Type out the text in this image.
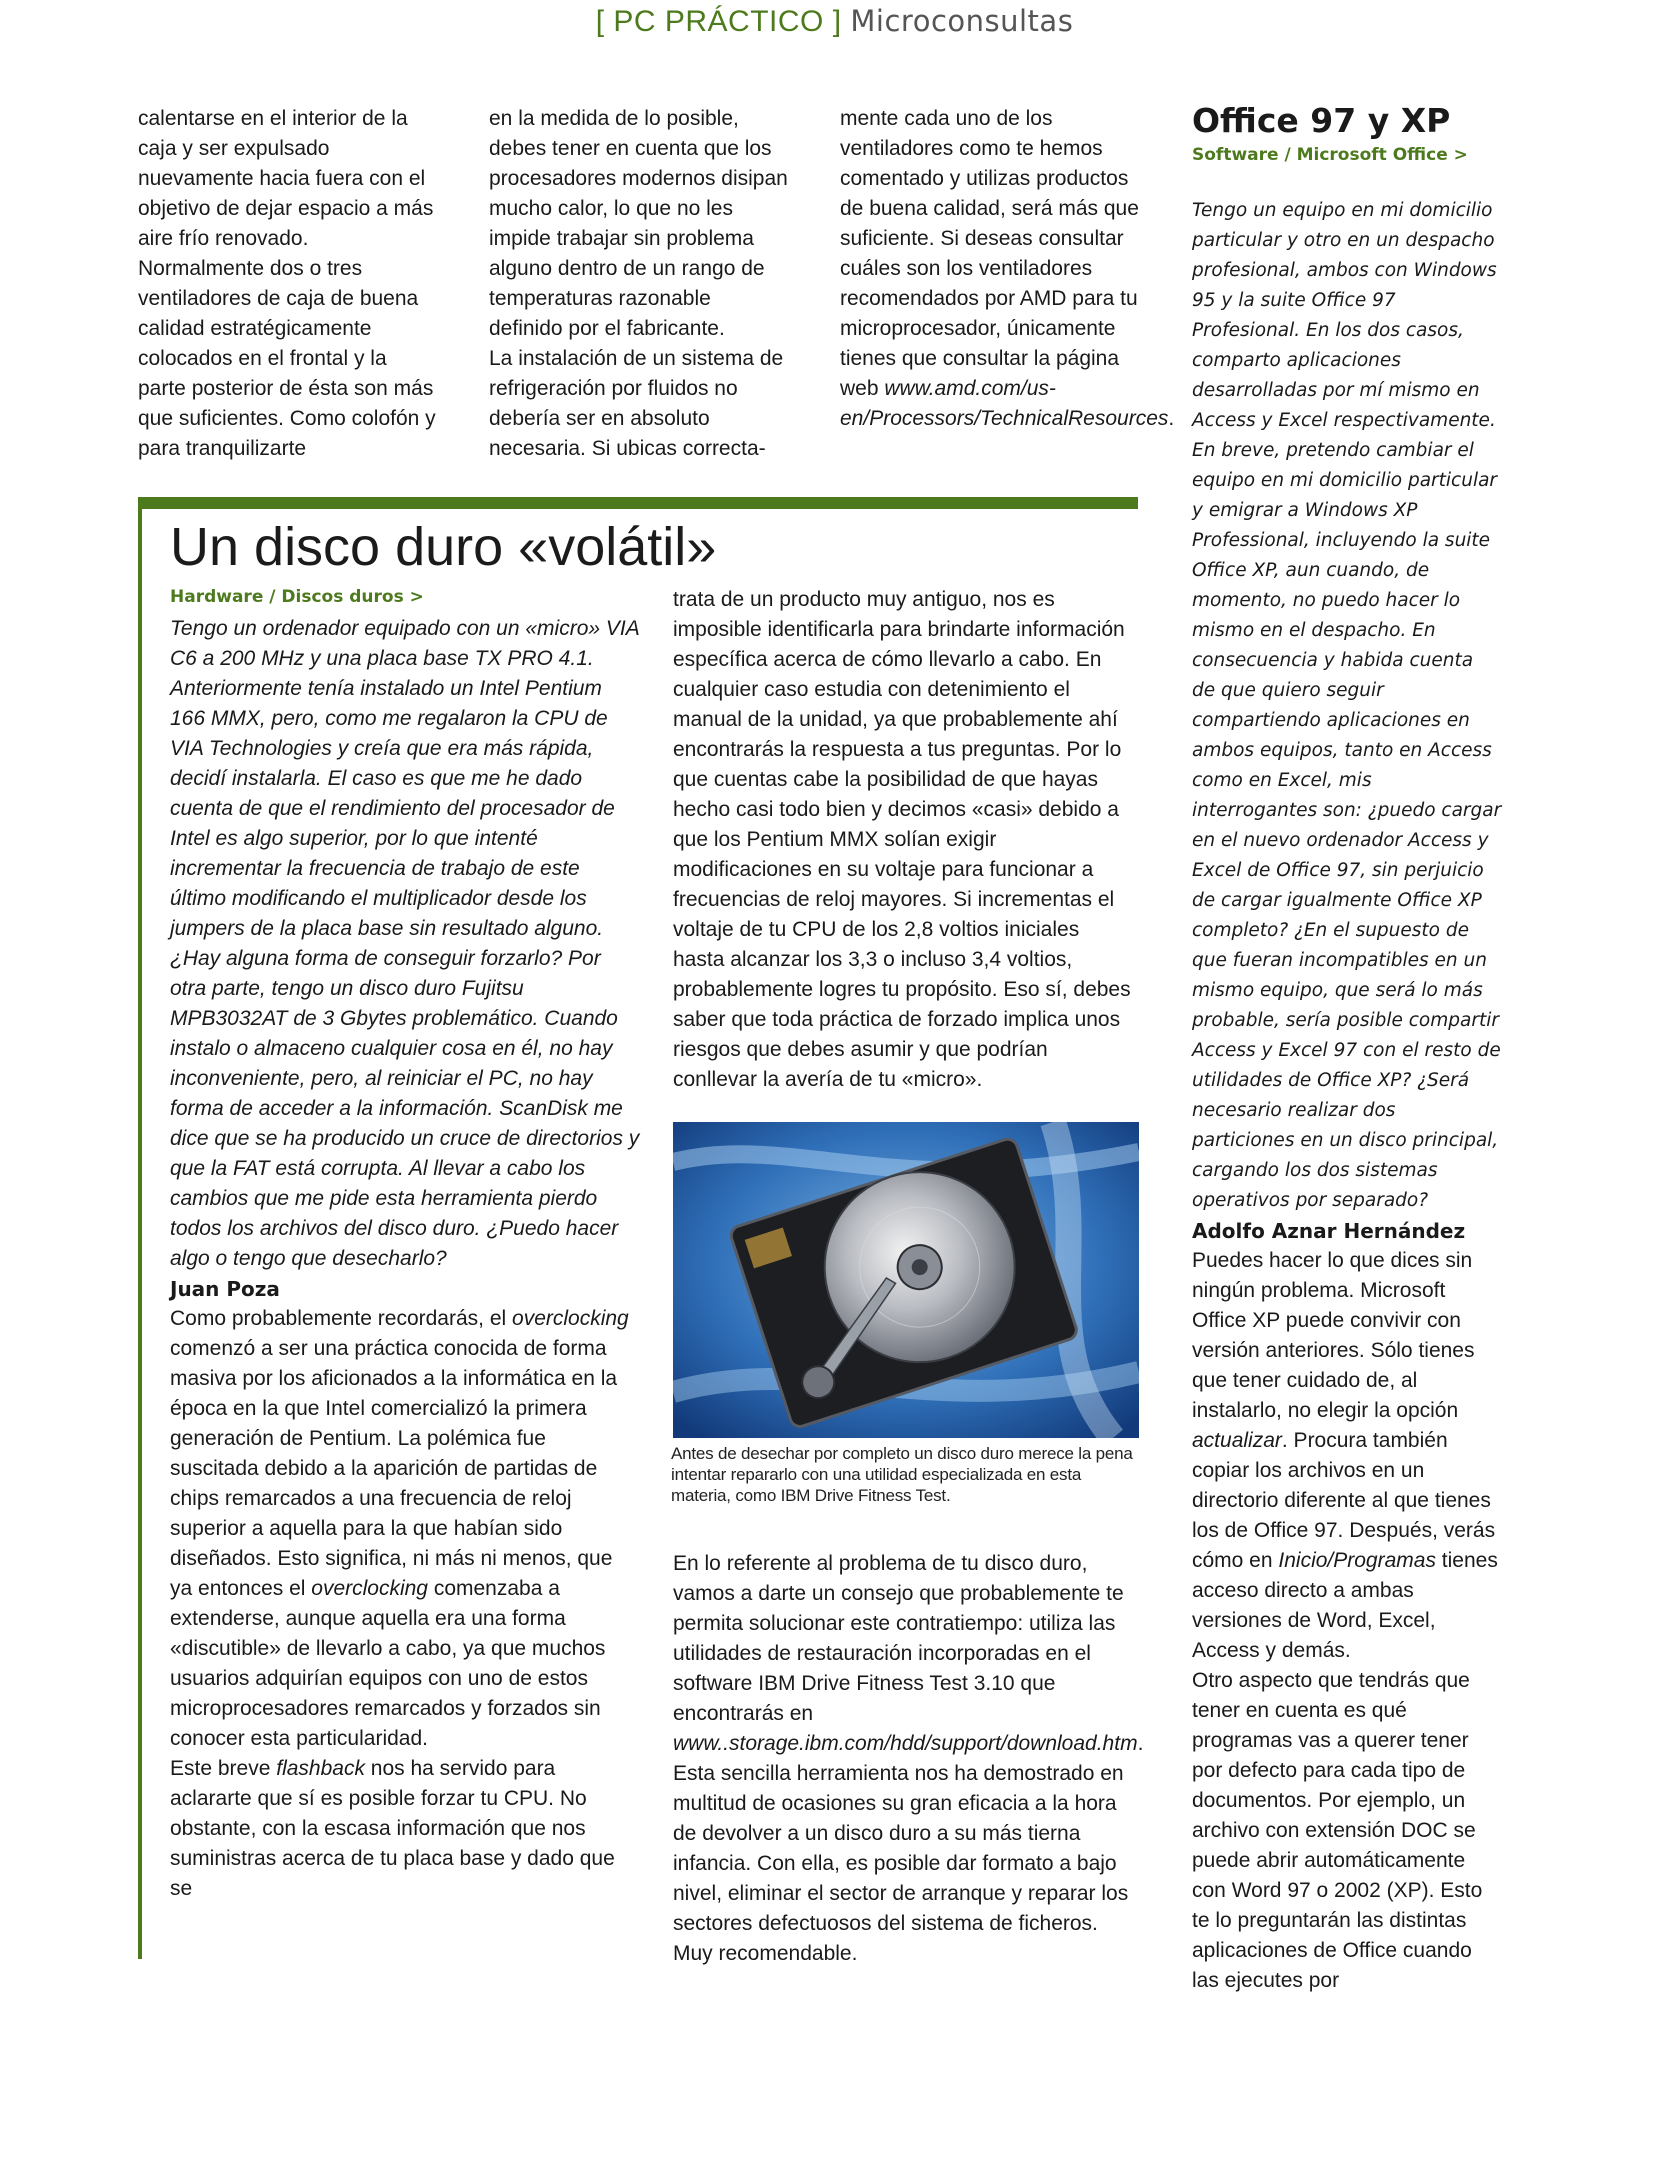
[ PC PRÁCTICO ] Microconsultas

calentarse en el interior de la caja y ser expulsado nuevamente hacia fuera con el objetivo de dejar espacio a más aire frío renovado. Normalmente dos o tres ventiladores de caja de buena calidad estratégicamente colocados en el frontal y la parte posterior de ésta son más que suficientes. Como colofón y para tranquilizarte

en la medida de lo posible, debes tener en cuenta que los procesadores modernos disipan mucho calor, lo que no les impide trabajar sin problema alguno dentro de un rango de temperaturas razonable definido por el fabricante.

La instalación de un sistema de refrigeración por fluidos no debería ser en absoluto necesaria. Si ubicas correcta-

mente cada uno de los ventiladores como te hemos comentado y utilizas productos de buena calidad, será más que suficiente. Si deseas consultar cuáles son los ventiladores recomendados por AMD para tu microprocesador, únicamente tienes que consultar la página web www.amd.com/us-en/Processors/TechnicalResources.

Un disco duro «volátil»
Hardware / Discos duros >

Tengo un ordenador equipado con un «micro» VIA C6 a 200 MHz y una placa base TX PRO 4.1. Anteriormente tenía instalado un Intel Pentium 166 MMX, pero, como me regalaron la CPU de VIA Technologies y creía que era más rápida, decidí instalarla. El caso es que me he dado cuenta de que el rendimiento del procesador de Intel es algo superior, por lo que intenté incrementar la frecuencia de trabajo de este último modificando el multiplicador desde los jumpers de la placa base sin resultado alguno. ¿Hay alguna forma de conseguir forzarlo? Por otra parte, tengo un disco duro Fujitsu MPB3032AT de 3 Gbytes problemático. Cuando instalo o almaceno cualquier cosa en él, no hay inconveniente, pero, al reiniciar el PC, no hay forma de acceder a la información. ScanDisk me dice que se ha producido un cruce de directorios y que la FAT está corrupta. Al llevar a cabo los cambios que me pide esta herramienta pierdo todos los archivos del disco duro. ¿Puedo hacer algo o tengo que desecharlo?

Juan Poza

Como probablemente recordarás, el overclocking comenzó a ser una práctica conocida de forma masiva por los aficionados a la informática en la época en la que Intel comercializó la primera generación de Pentium. La polémica fue suscitada debido a la aparición de partidas de chips remarcados a una frecuencia de reloj superior a aquella para la que habían sido diseñados. Esto significa, ni más ni menos, que ya entonces el overclocking comenzaba a extenderse, aunque aquella era una forma «discutible» de llevarlo a cabo, ya que muchos usuarios adquirían equipos con uno de estos microprocesadores remarcados y forzados sin conocer esta particularidad.

Este breve flashback nos ha servido para aclararte que sí es posible forzar tu CPU. No obstante, con la escasa información que nos suministras acerca de tu placa base y dado que se

trata de un producto muy antiguo, nos es imposible identificarla para brindarte información específica acerca de cómo llevarlo a cabo. En cualquier caso estudia con detenimiento el manual de la unidad, ya que probablemente ahí encontrarás la respuesta a tus preguntas. Por lo que cuentas cabe la posibilidad de que hayas hecho casi todo bien y decimos «casi» debido a que los Pentium MMX solían exigir modificaciones en su voltaje para funcionar a frecuencias de reloj mayores. Si incrementas el voltaje de tu CPU de los 2,8 voltios iniciales hasta alcanzar los 3,3 o incluso 3,4 voltios, probablemente logres tu propósito. Eso sí, debes saber que toda práctica de forzado implica unos riesgos que debes asumir y que podrían conllevar la avería de tu «micro».

Antes de desechar por completo un disco duro merece la pena intentar repararlo con una utilidad especializada en esta materia, como IBM Drive Fitness Test.

En lo referente al problema de tu disco duro, vamos a darte un consejo que probablemente te permita solucionar este contratiempo: utiliza las utilidades de restauración incorporadas en el software IBM Drive Fitness Test 3.10 que encontrarás en www..storage.ibm.com/hdd/support/download.htm. Esta sencilla herramienta nos ha demostrado en multitud de ocasiones su gran eficacia a la hora de devolver a un disco duro a su más tierna infancia. Con ella, es posible dar formato a bajo nivel, eliminar el sector de arranque y reparar los sectores defectuosos del sistema de ficheros. Muy recomendable.

Office 97 y XP
Software / Microsoft Office >

Tengo un equipo en mi domicilio particular y otro en un despacho profesional, ambos con Windows 95 y la suite Office 97 Profesional. En los dos casos, comparto aplicaciones desarrolladas por mí mismo en Access y Excel respectivamente. En breve, pretendo cambiar el equipo en mi domicilio particular y emigrar a Windows XP Professional, incluyendo la suite Office XP, aun cuando, de momento, no puedo hacer lo mismo en el despacho. En consecuencia y habida cuenta de que quiero seguir compartiendo aplicaciones en ambos equipos, tanto en Access como en Excel, mis interrogantes son: ¿puedo cargar en el nuevo ordenador Access y Excel de Office 97, sin perjuicio de cargar igualmente Office XP completo? ¿En el supuesto de que fueran incompatibles en un mismo equipo, que será lo más probable, sería posible compartir Access y Excel 97 con el resto de utilidades de Office XP? ¿Será necesario realizar dos particiones en un disco principal, cargando los dos sistemas operativos por separado?

Adolfo Aznar Hernández

Puedes hacer lo que dices sin ningún problema. Microsoft Office XP puede convivir con versión anteriores. Sólo tienes que tener cuidado de, al instalarlo, no elegir la opción actualizar. Procura también copiar los archivos en un directorio diferente al que tienes los de Office 97. Después, verás cómo en Inicio/Programas tienes acceso directo a ambas versiones de Word, Excel, Access y demás.

Otro aspecto que tendrás que tener en cuenta es qué programas vas a querer tener por defecto para cada tipo de documentos. Por ejemplo, un archivo con extensión DOC se puede abrir automáticamente con Word 97 o 2002 (XP). Esto te lo preguntarán las distintas aplicaciones de Office cuando las ejecutes por
